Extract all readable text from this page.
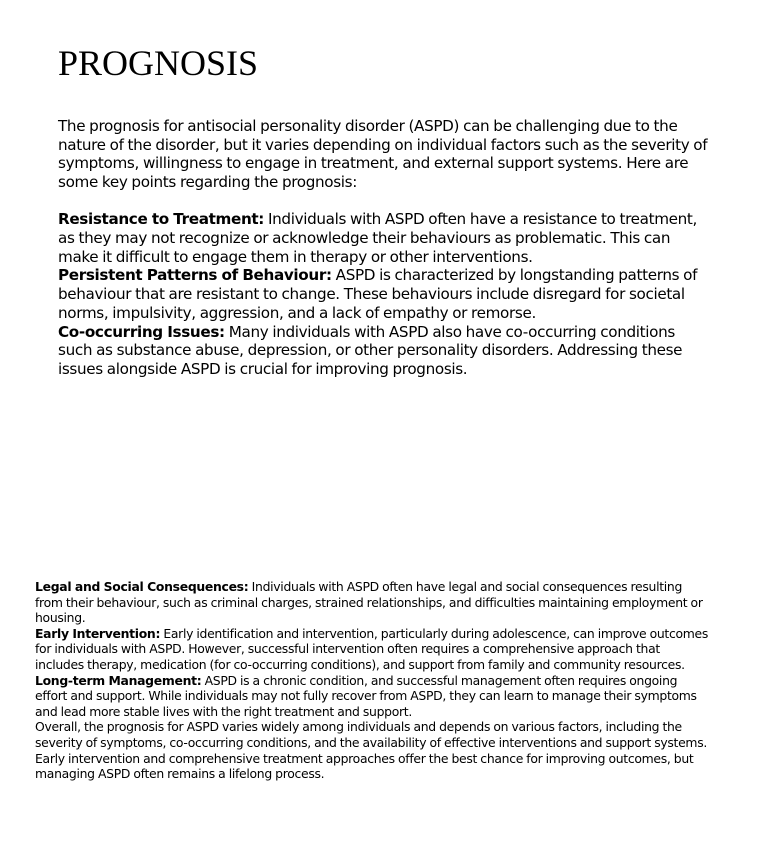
PROGNOSIS

The prognosis for antisocial personality disorder (ASPD) can be challenging due to the nature of the disorder, but it varies depending on individual factors such as the severity of symptoms, willingness to engage in treatment, and external support systems. Here are some key points regarding the prognosis:

Resistance to Treatment: Individuals with ASPD often have a resistance to treatment, as they may not recognize or acknowledge their behaviours as problematic. This can make it difficult to engage them in therapy or other interventions.

Persistent Patterns of Behaviour: ASPD is characterized by longstanding patterns of behaviour that are resistant to change. These behaviours include disregard for societal norms, impulsivity, aggression, and a lack of empathy or remorse.

Co-occurring Issues: Many individuals with ASPD also have co-occurring conditions such as substance abuse, depression, or other personality disorders. Addressing these issues alongside ASPD is crucial for improving prognosis.

Legal and Social Consequences: Individuals with ASPD often have legal and social consequences resulting from their behaviour, such as criminal charges, strained relationships, and difficulties maintaining employment or housing.

Early Intervention: Early identification and intervention, particularly during adolescence, can improve outcomes for individuals with ASPD. However, successful intervention often requires a comprehensive approach that includes therapy, medication (for co-occurring conditions), and support from family and community resources.

Long-term Management: ASPD is a chronic condition, and successful management often requires ongoing effort and support. While individuals may not fully recover from ASPD, they can learn to manage their symptoms and lead more stable lives with the right treatment and support.

Overall, the prognosis for ASPD varies widely among individuals and depends on various factors, including the severity of symptoms, co-occurring conditions, and the availability of effective interventions and support systems. Early intervention and comprehensive treatment approaches offer the best chance for improving outcomes, but managing ASPD often remains a lifelong process.
